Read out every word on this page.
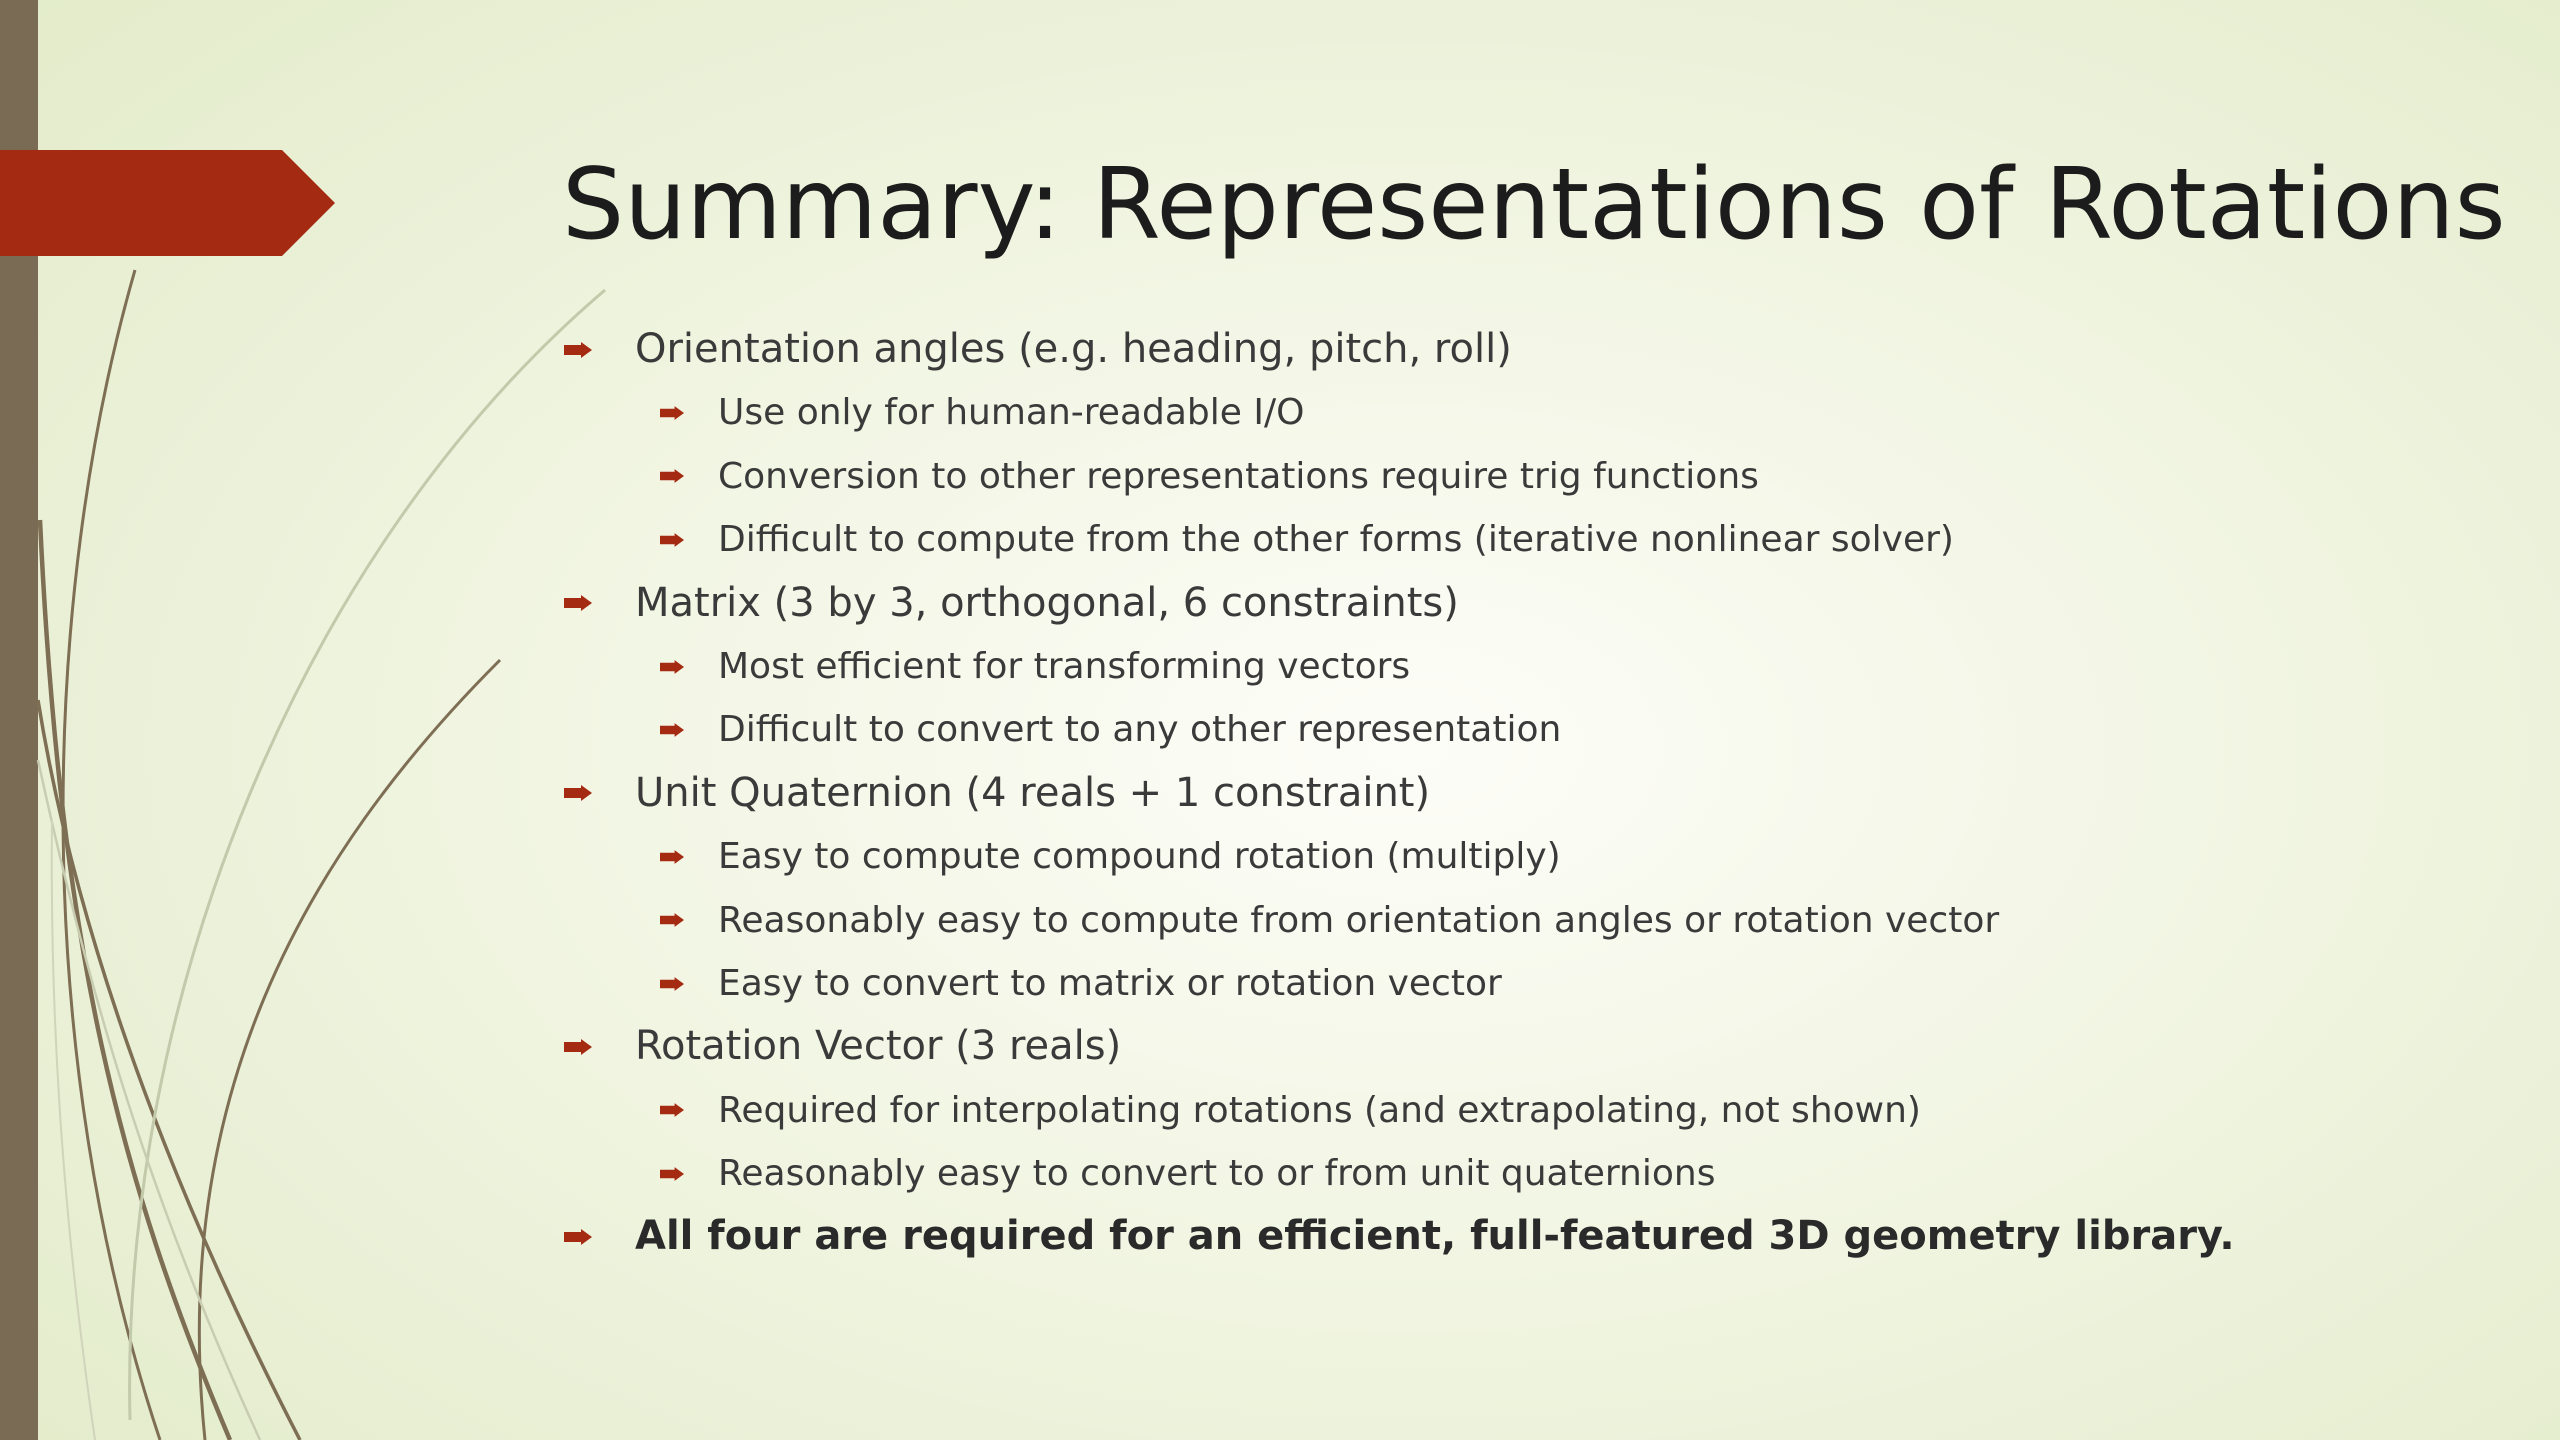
Summary: Representations of Rotations
Orientation angles (e.g. heading, pitch, roll)
Use only for human-readable I/O
Conversion to other representations require trig functions
Difficult to compute from the other forms (iterative nonlinear solver)
Matrix (3 by 3, orthogonal, 6 constraints)
Most efficient for transforming vectors
Difficult to convert to any other representation
Unit Quaternion (4 reals + 1 constraint)
Easy to compute compound rotation (multiply)
Reasonably easy to compute from orientation angles or rotation vector
Easy to convert to matrix or rotation vector
Rotation Vector (3 reals)
Required for interpolating rotations (and extrapolating, not shown)
Reasonably easy to convert to or from unit quaternions
All four are required for an efficient, full-featured 3D geometry library.
